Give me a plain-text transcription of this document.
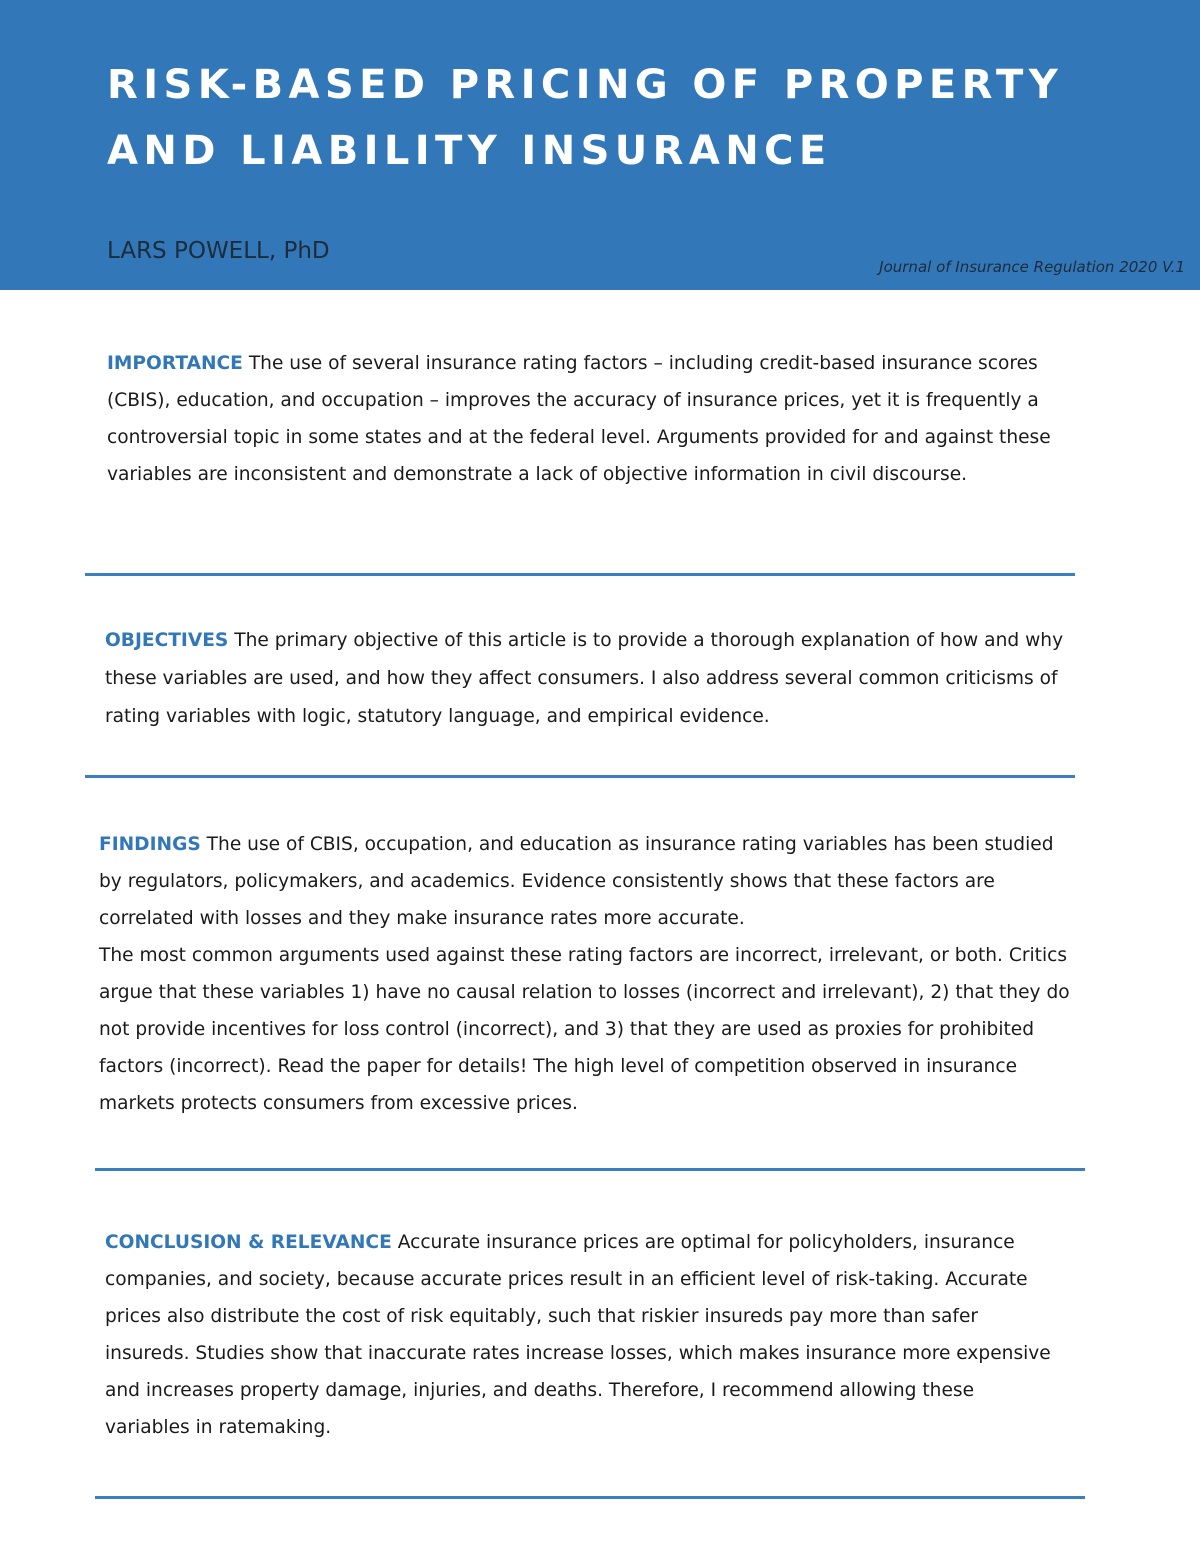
RISK-BASED PRICING OF PROPERTY
AND LIABILITY INSURANCE
LARS POWELL, PhD
Journal of Insurance Regulation 2020 V.1

IMPORTANCE The use of several insurance rating factors – including credit-based insurance scores (CBIS), education, and occupation – improves the accuracy of insurance prices, yet it is frequently a controversial topic in some states and at the federal level. Arguments provided for and against these variables are inconsistent and demonstrate a lack of objective information in civil discourse.

OBJECTIVES The primary objective of this article is to provide a thorough explanation of how and why these variables are used, and how they affect consumers. I also address several common criticisms of rating variables with logic, statutory language, and empirical evidence.

FINDINGS The use of CBIS, occupation, and education as insurance rating variables has been studied by regulators, policymakers, and academics. Evidence consistently shows that these factors are correlated with losses and they make insurance rates more accurate.

The most common arguments used against these rating factors are incorrect, irrelevant, or both. Critics argue that these variables 1) have no causal relation to losses (incorrect and irrelevant), 2) that they do not provide incentives for loss control (incorrect), and 3) that they are used as proxies for prohibited factors (incorrect). Read the paper for details! The high level of competition observed in insurance markets protects consumers from excessive prices.

CONCLUSION & RELEVANCE Accurate insurance prices are optimal for policyholders, insurance companies, and society, because accurate prices result in an efficient level of risk-taking. Accurate prices also distribute the cost of risk equitably, such that riskier insureds pay more than safer insureds. Studies show that inaccurate rates increase losses, which makes insurance more expensive and increases property damage, injuries, and deaths. Therefore, I recommend allowing these variables in ratemaking.
